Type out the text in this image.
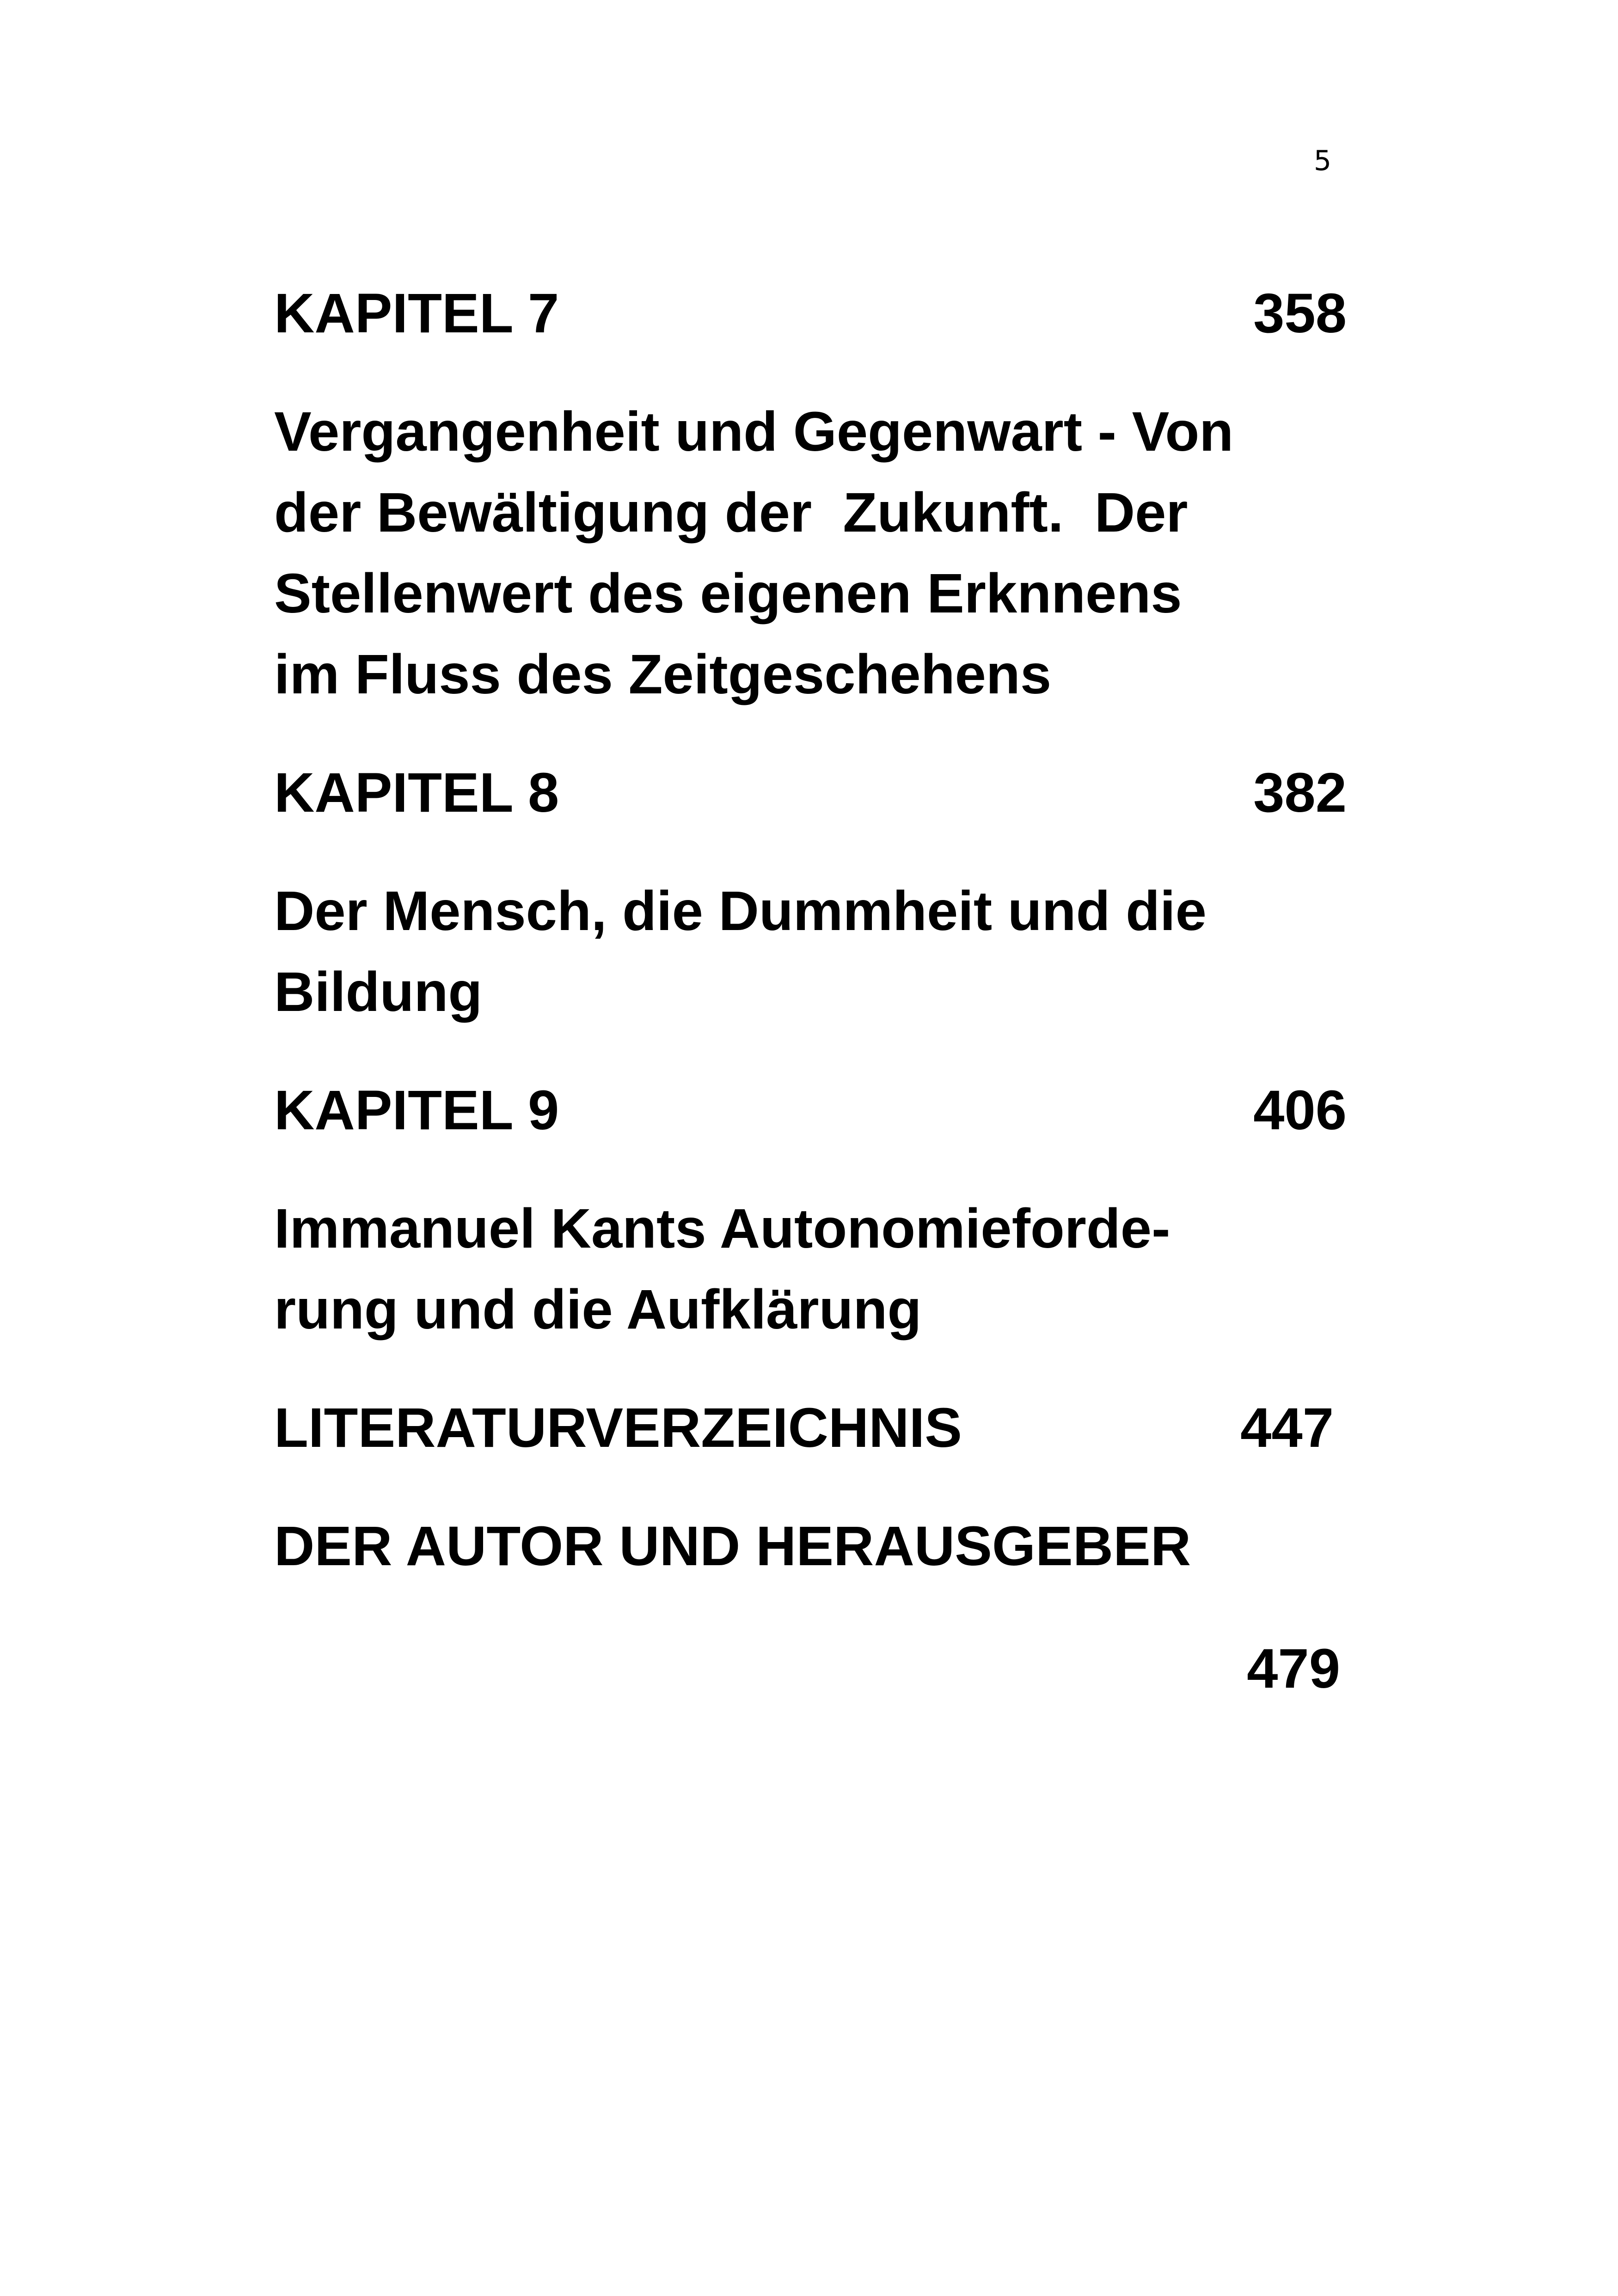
5
KAPITEL 7	358
Vergangenheit und Gegenwart - Von
der Bewältigung der  Zukunft.  Der
Stellenwert des eigenen Erknnens
im Fluss des Zeitgeschehens
KAPITEL 8	382
Der Mensch, die Dummheit und die
Bildung
KAPITEL 9	406
Immanuel Kants Autonomieforde-
rung und die Aufklärung
LITERATURVERZEICHNIS	447
DER AUTOR UND HERAUSGEBER
479
